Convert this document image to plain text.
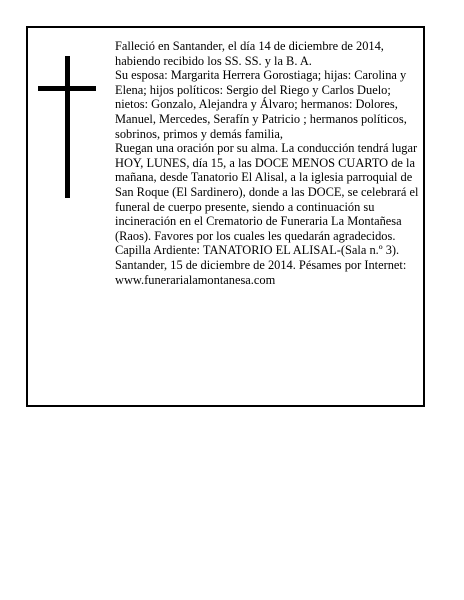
Falleció en Santander, el día 14 de diciembre de 2014, habiendo recibido los SS. SS. y la B. A.

Su esposa: Margarita Herrera Gorostiaga; hijas: Carolina y Elena; hijos políticos: Sergio del Riego y Carlos Duelo; nietos: Gonzalo, Alejandra y Álvaro; hermanos: Dolores, Manuel, Mercedes, Serafín y Patricio ; hermanos políticos, sobrinos, primos y demás familia,

Ruegan una oración por su alma. La conducción tendrá lugar HOY, LUNES, día 15, a las DOCE MENOS CUARTO de la mañana, desde Tanatorio El Alisal, a la iglesia parroquial de San Roque (El Sardinero), donde a las DOCE, se celebrará el funeral de cuerpo presente, siendo a continuación su incineración en el Crematorio de Funeraria La Montañesa (Raos). Favores por los cuales les quedarán agradecidos. Capilla Ardiente: TANATORIO EL ALISAL-(Sala n.º 3).

Santander, 15 de diciembre de 2014. Pésames por Internet: www.funerarialamontanesa.com
